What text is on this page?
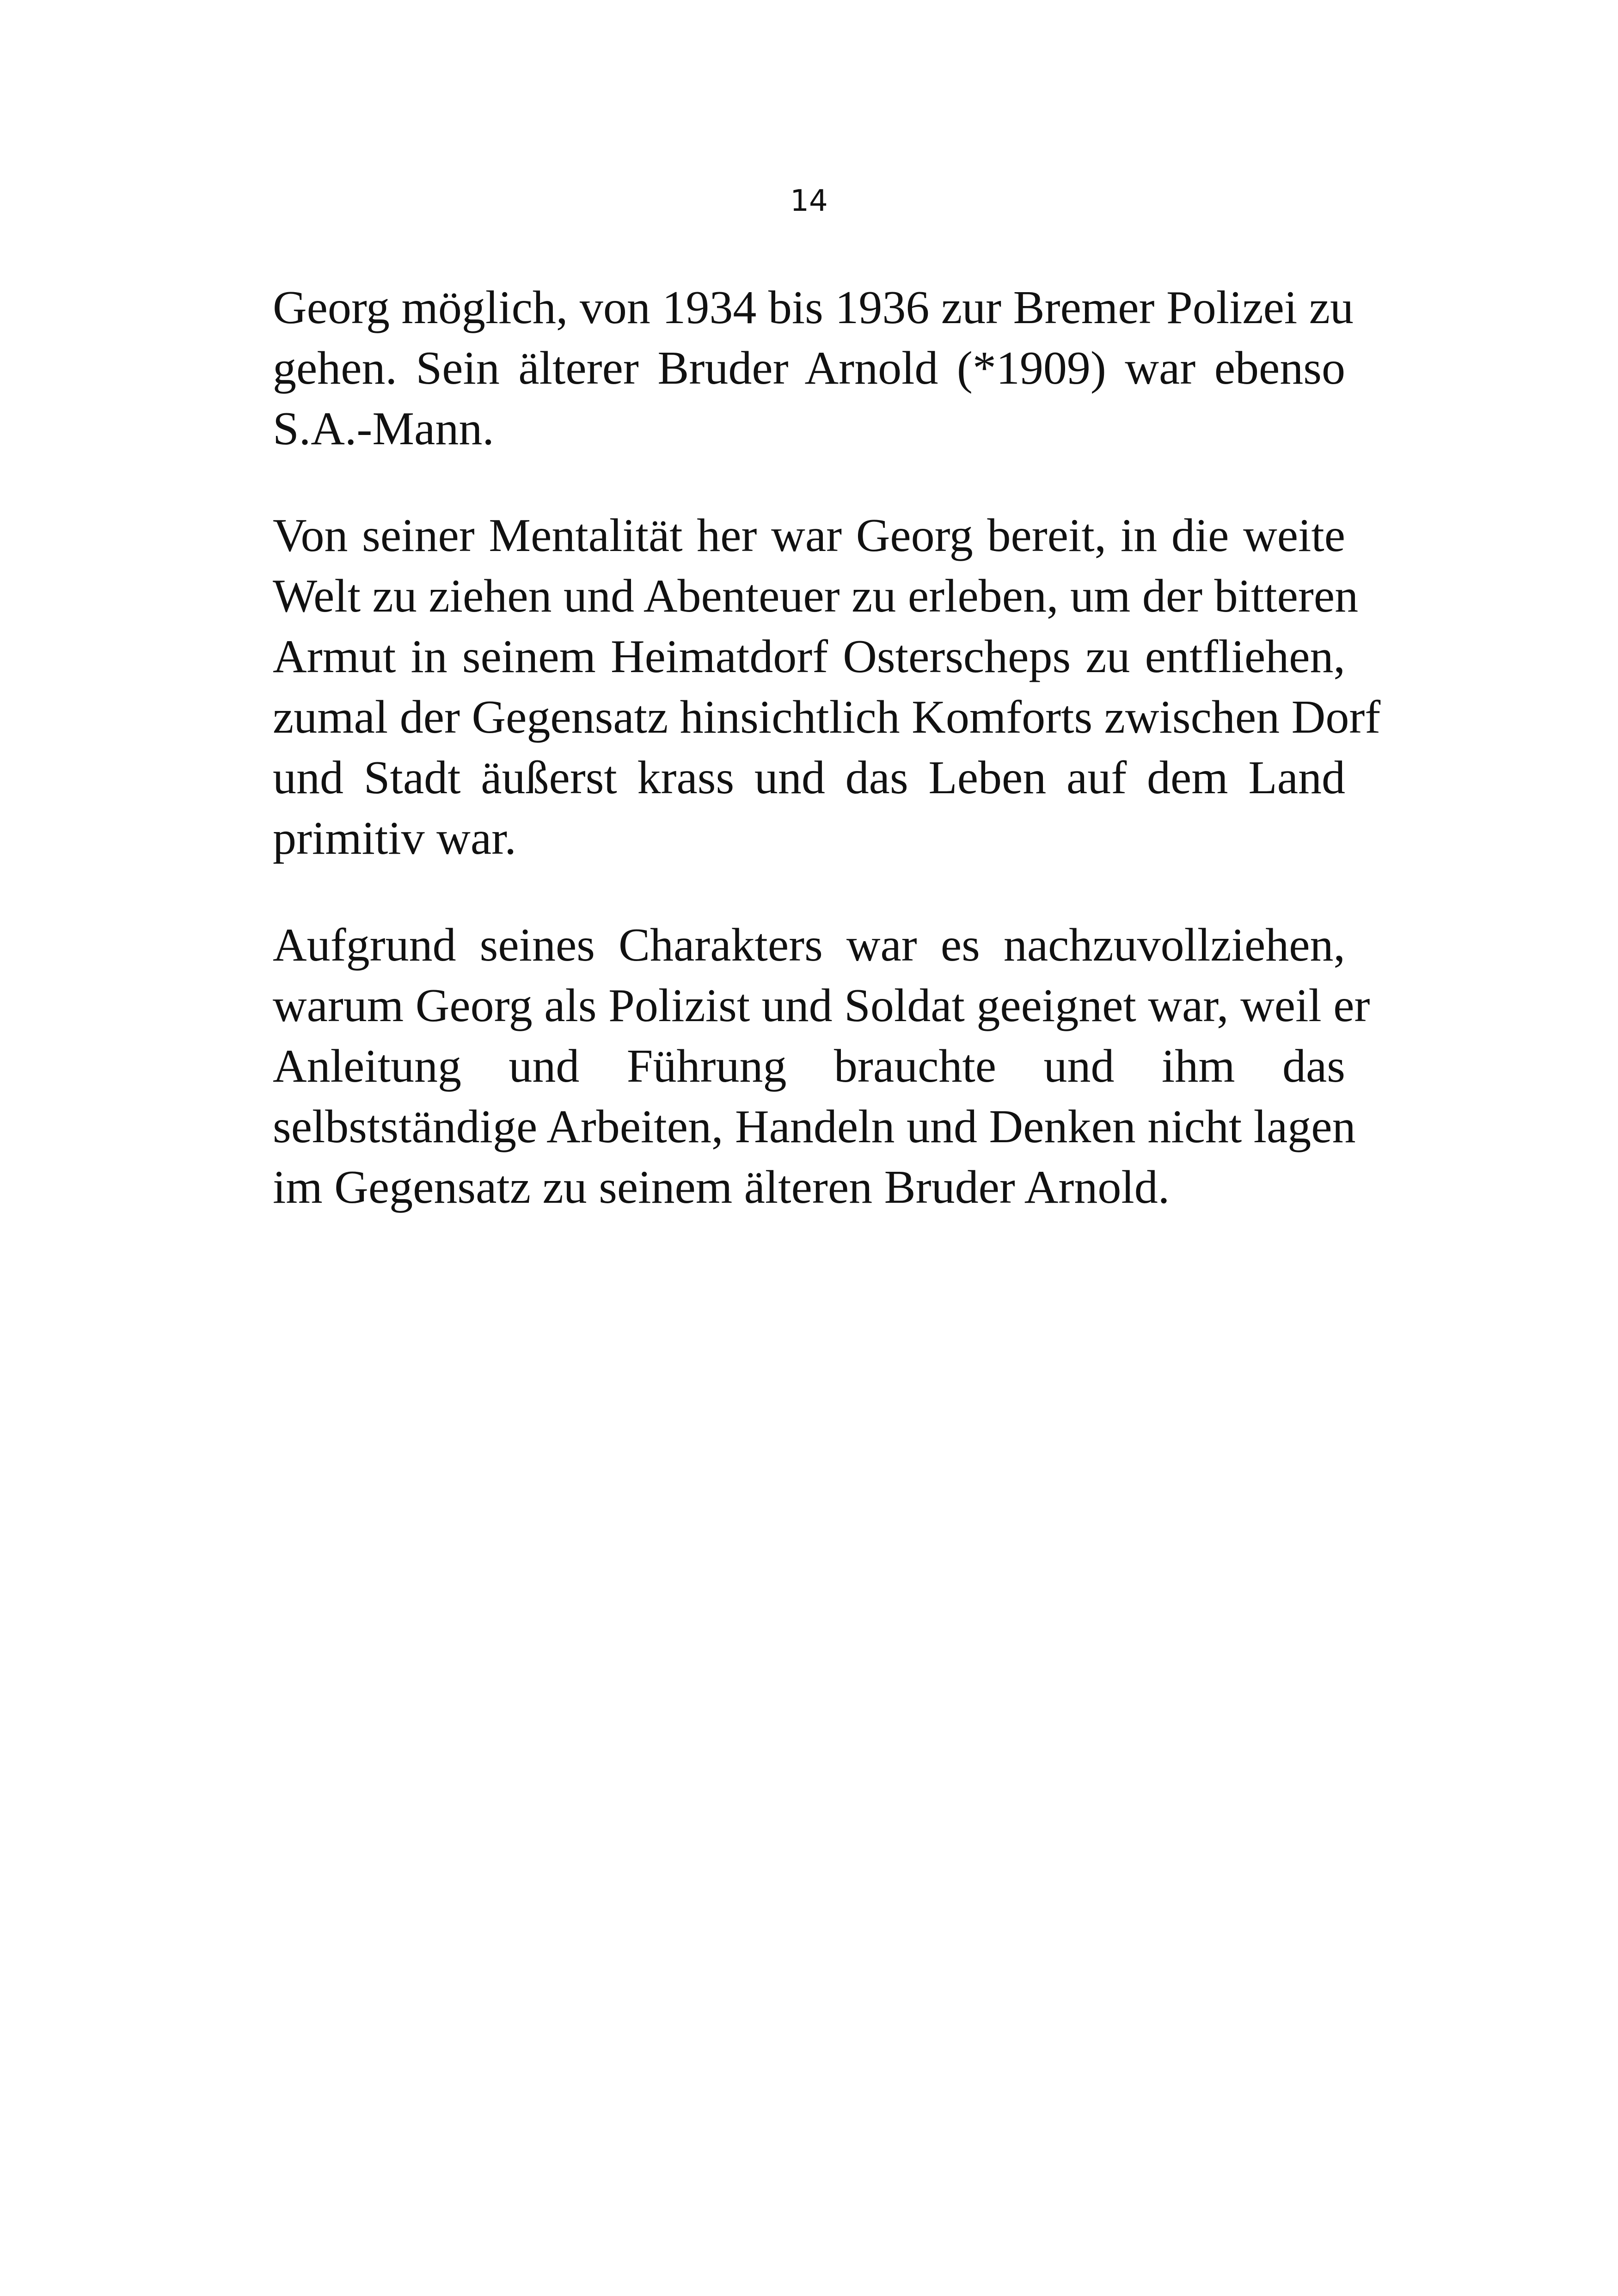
14

Georg möglich, von 1934 bis 1936 zur Bremer Polizei zu
gehen. Sein älterer Bruder Arnold (*1909) war ebenso
S.A.-Mann.

Von seiner Mentalität her war Georg bereit, in die weite
Welt zu ziehen und Abenteuer zu erleben, um der bitteren
Armut in seinem Heimatdorf Osterscheps zu entfliehen,
zumal der Gegensatz hinsichtlich Komforts zwischen Dorf
und Stadt äußerst krass und das Leben auf dem Land
primitiv war.

Aufgrund seines Charakters war es nachzuvollziehen,
warum Georg als Polizist und Soldat geeignet war, weil er
Anleitung und Führung brauchte und ihm das
selbstständige Arbeiten, Handeln und Denken nicht lagen
im Gegensatz zu seinem älteren Bruder Arnold.
